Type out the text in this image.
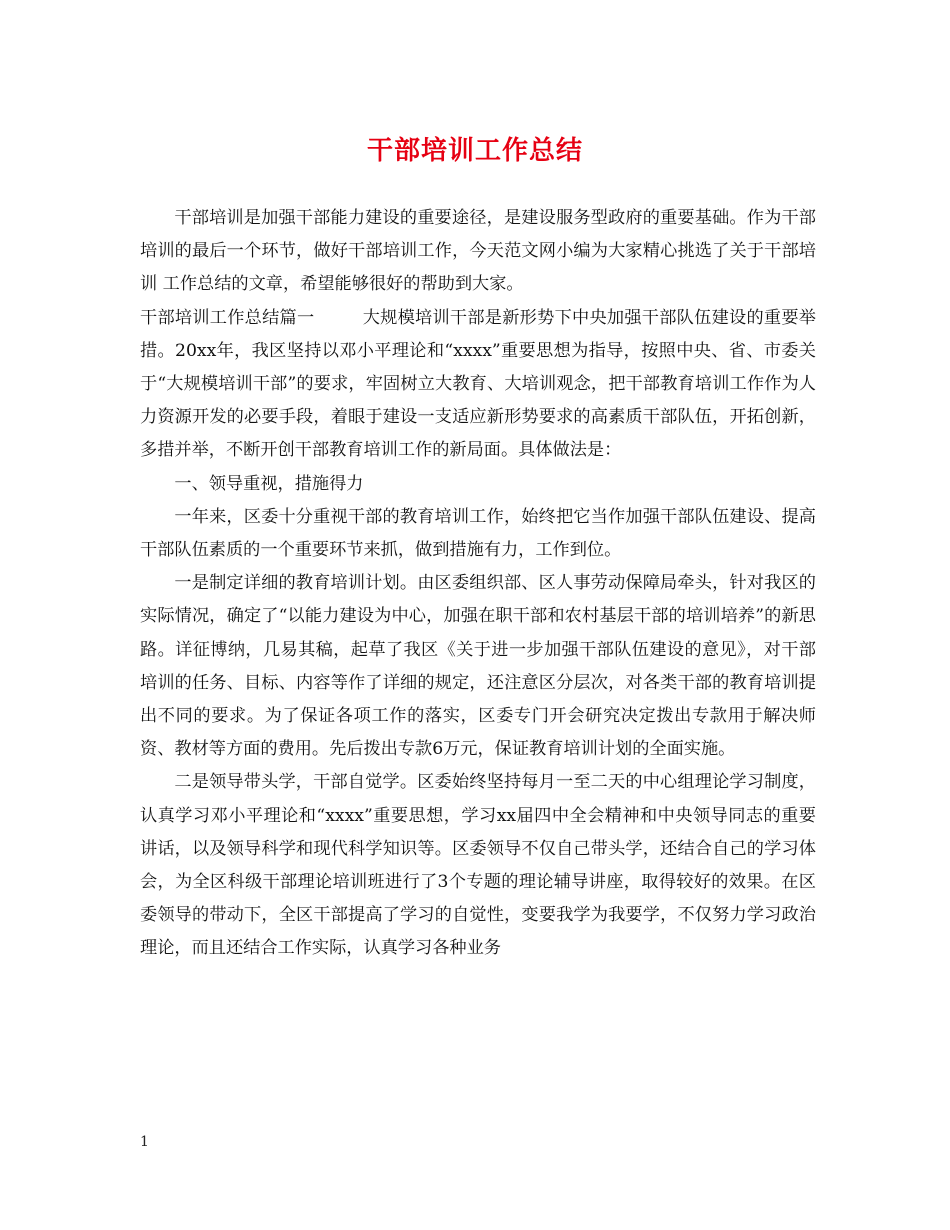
干部培训工作总结

干部培训是加强干部能力建设的重要途径，是建设服务型政府的重要基础。作为干部培训的最后一个环节，做好干部培训工作，今天范文网小编为大家精心挑选了关于干部培训 工作总结的文章，希望能够很好的帮助到大家。

干部培训工作总结篇一	大规模培训干部是新形势下中央加强干部队伍建设的重要举措。20xx年，我区坚持以邓小平理论和“xxxx”重要思想为指导，按照中央、省、市委关于“大规模培训干部”的要求，牢固树立大教育、大培训观念，把干部教育培训工作作为人力资源开发的必要手段，着眼于建设一支适应新形势要求的高素质干部队伍，开拓创新，多措并举，不断开创干部教育培训工作的新局面。具体做法是：

一、领导重视，措施得力

一年来，区委十分重视干部的教育培训工作，始终把它当作加强干部队伍建设、提高干部队伍素质的一个重要环节来抓，做到措施有力，工作到位。

一是制定详细的教育培训计划。由区委组织部、区人事劳动保障局牵头，针对我区的实际情况，确定了“以能力建设为中心，加强在职干部和农村基层干部的培训培养”的新思路。详征博纳，几易其稿，起草了我区《关于进一步加强干部队伍建设的意见》，对干部培训的任务、目标、内容等作了详细的规定，还注意区分层次，对各类干部的教育培训提出不同的要求。为了保证各项工作的落实，区委专门开会研究决定拨出专款用于解决师资、教材等方面的费用。先后拨出专款6万元，保证教育培训计划的全面实施。

二是领导带头学，干部自觉学。区委始终坚持每月一至二天的中心组理论学习制度，认真学习邓小平理论和“xxxx”重要思想，学习xx届四中全会精神和中央领导同志的重要讲话，以及领导科学和现代科学知识等。区委领导不仅自己带头学，还结合自己的学习体会，为全区科级干部理论培训班进行了3个专题的理论辅导讲座，取得较好的效果。在区委领导的带动下，全区干部提高了学习的自觉性，变要我学为我要学，不仅努力学习政治理论，而且还结合工作实际，认真学习各种业务

1
